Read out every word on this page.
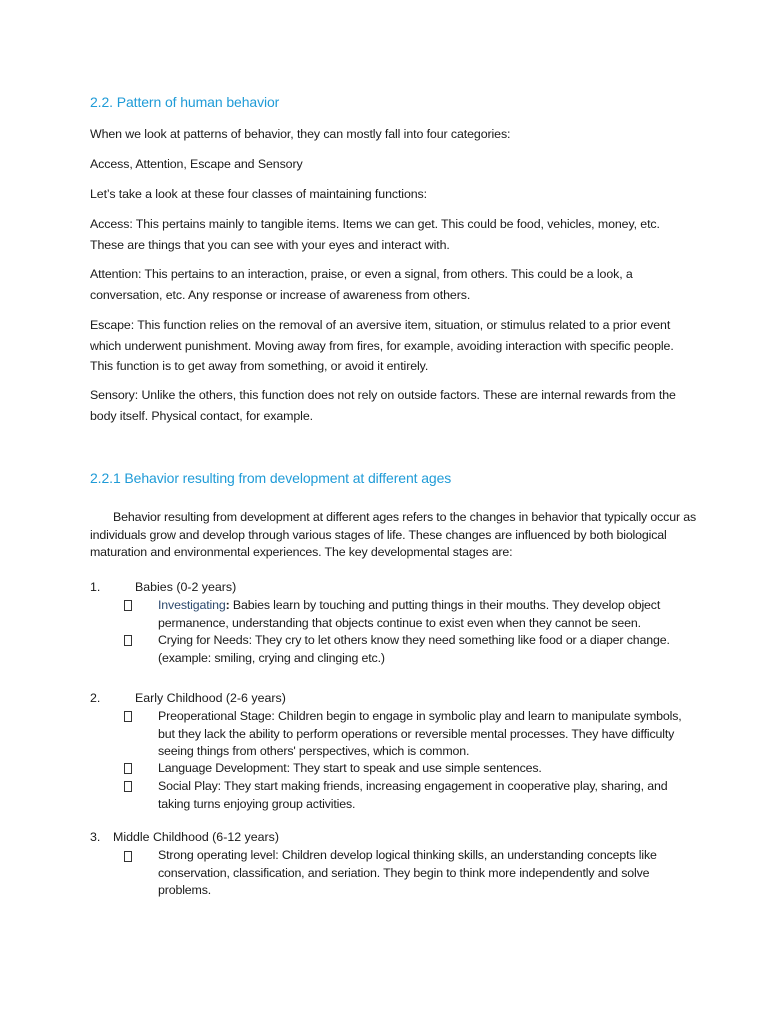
2.2. Pattern of human behavior

When we look at patterns of behavior, they can mostly fall into four categories:

Access, Attention, Escape and Sensory

Let’s take a look at these four classes of maintaining functions:

Access: This pertains mainly to tangible items. Items we can get. This could be food, vehicles, money, etc. These are things that you can see with your eyes and interact with.

Attention: This pertains to an interaction, praise, or even a signal, from others. This could be a look, a conversation, etc. Any response or increase of awareness from others.

Escape: This function relies on the removal of an aversive item, situation, or stimulus related to a prior event which underwent punishment. Moving away from fires, for example, avoiding interaction with specific people. This function is to get away from something, or avoid it entirely.

Sensory: Unlike the others, this function does not rely on outside factors. These are internal rewards from the body itself. Physical contact, for example.

2.2.1 Behavior resulting from development at different ages

Behavior resulting from development at different ages refers to the changes in behavior that typically occur as individuals grow and develop through various stages of life. These changes are influenced by both biological maturation and environmental experiences. The key developmental stages are:

1.	Babies (0-2 years)

Investigating: Babies learn by touching and putting things in their mouths. They develop object permanence, understanding that objects continue to exist even when they cannot be seen.

Crying for Needs: They cry to let others know they need something like food or a diaper change. (example: smiling, crying and clinging etc.)

2.	Early Childhood (2-6 years)

Preoperational Stage: Children begin to engage in symbolic play and learn to manipulate symbols, but they lack the ability to perform operations or reversible mental processes. They have difficulty seeing things from others' perspectives, which is common.

Language Development: They start to speak and use simple sentences.

Social Play: They start making friends, increasing engagement in cooperative play, sharing, and taking turns enjoying group activities.

3. Middle Childhood (6-12 years)

Strong operating level: Children develop logical thinking skills, an understanding concepts like conservation, classification, and seriation. They begin to think more independently and solve problems.
